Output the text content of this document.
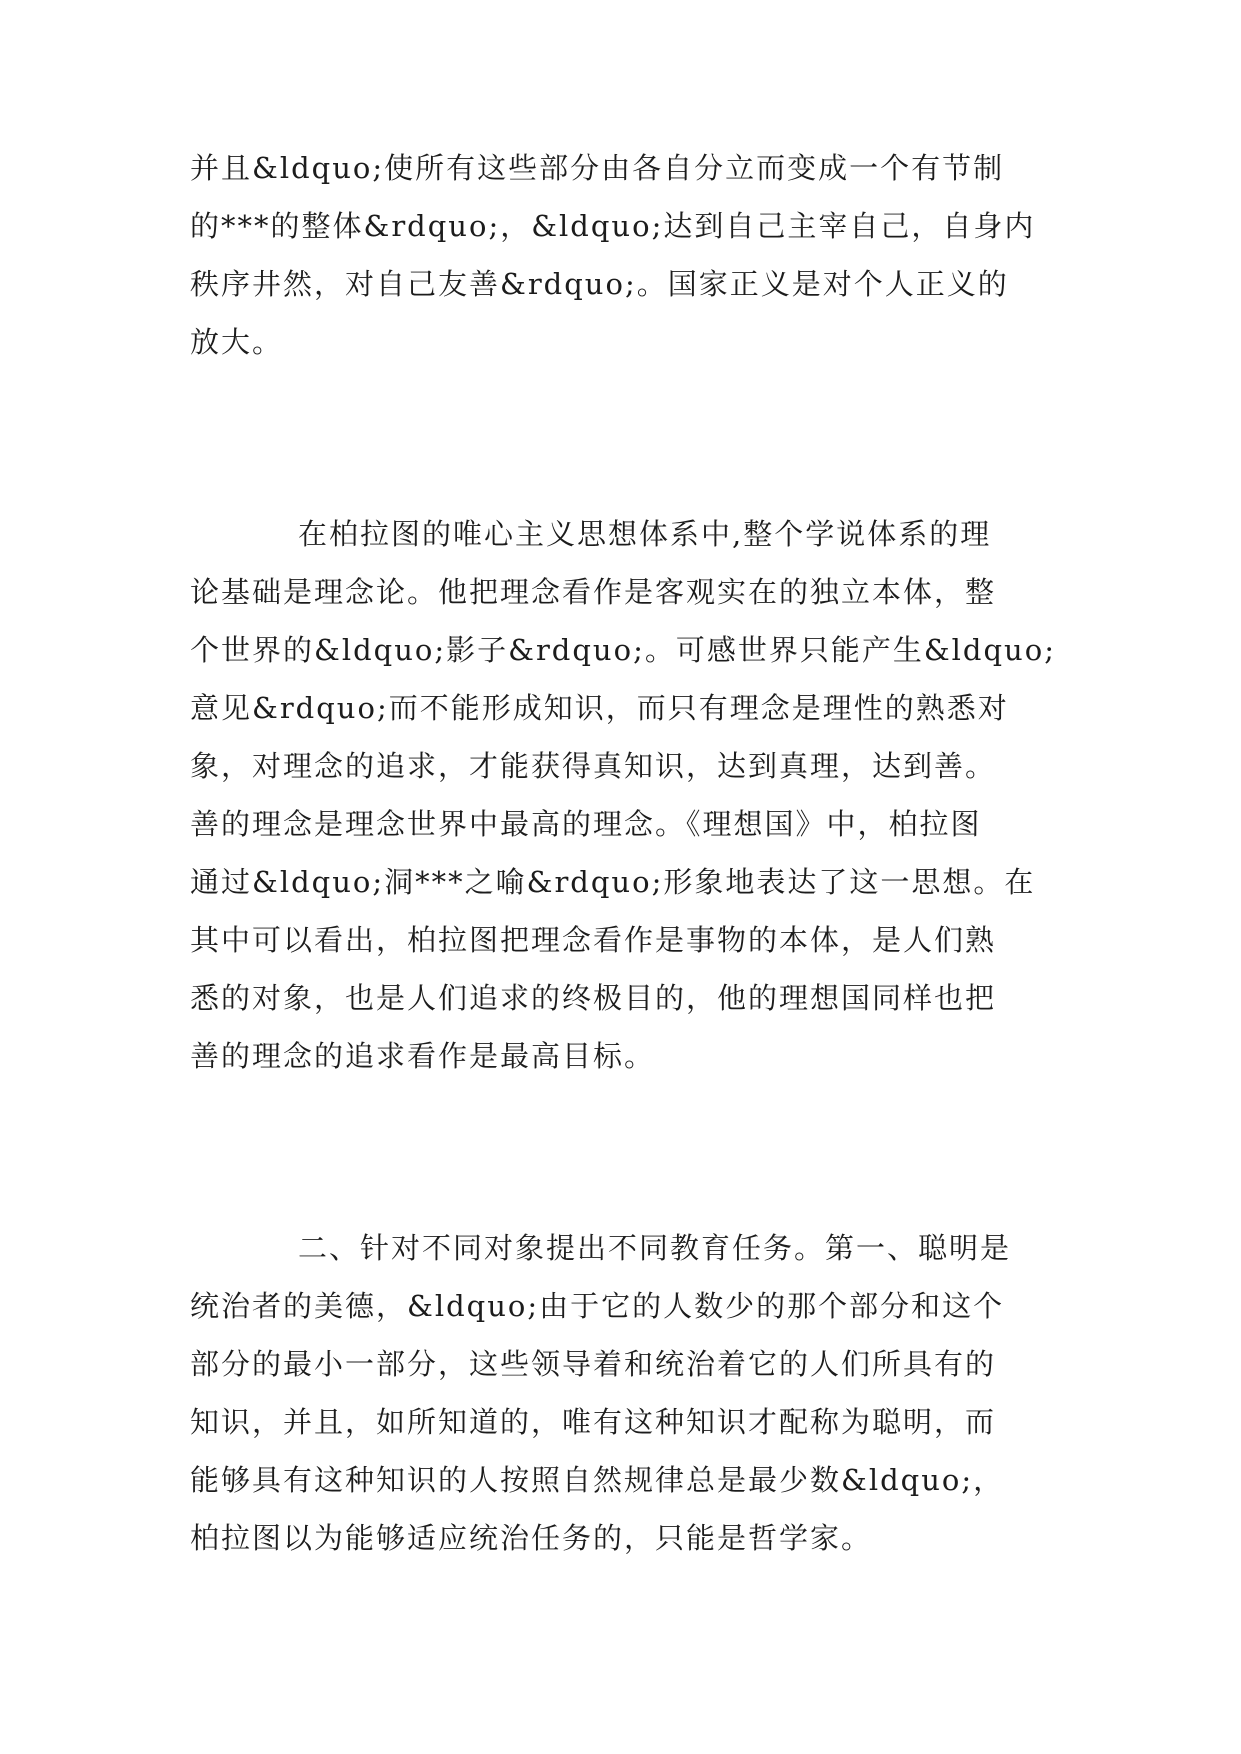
并且&ldquo;使所有这些部分由各自分立而变成一个有节制

的***的整体&rdquo;，&ldquo;达到自己主宰自己，自身内

秩序井然，对自己友善&rdquo;。国家正义是对个人正义的

放大。

在柏拉图的唯心主义思想体系中,整个学说体系的理

论基础是理念论。他把理念看作是客观实在的独立本体，整

个世界的&ldquo;影子&rdquo;。可感世界只能产生&ldquo;

意见&rdquo;而不能形成知识，而只有理念是理性的熟悉对

象，对理念的追求，才能获得真知识，达到真理，达到善。

善的理念是理念世界中最高的理念。《理想国》中，柏拉图

通过&ldquo;洞***之喻&rdquo;形象地表达了这一思想。在

其中可以看出，柏拉图把理念看作是事物的本体，是人们熟

悉的对象，也是人们追求的终极目的，他的理想国同样也把

善的理念的追求看作是最高目标。

二、针对不同对象提出不同教育任务。第一、聪明是

统治者的美德，&ldquo;由于它的人数少的那个部分和这个

部分的最小一部分，这些领导着和统治着它的人们所具有的

知识，并且，如所知道的，唯有这种知识才配称为聪明，而

能够具有这种知识的人按照自然规律总是最少数&ldquo;，

柏拉图以为能够适应统治任务的，只能是哲学家。
